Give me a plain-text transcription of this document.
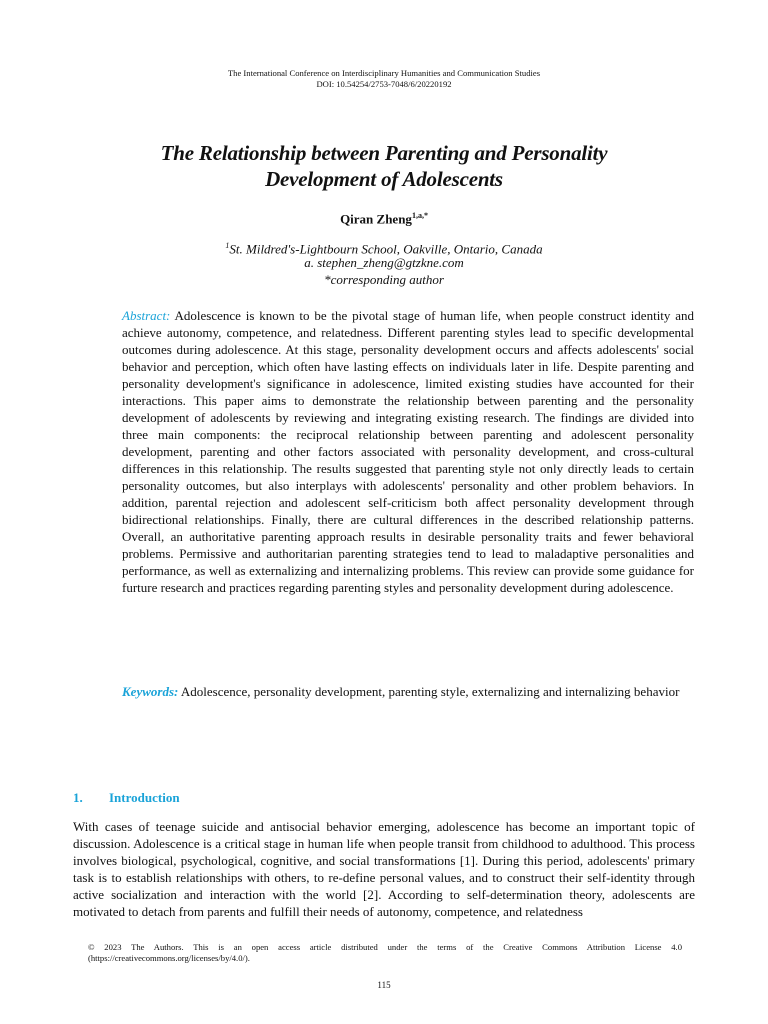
The International Conference on Interdisciplinary Humanities and Communication Studies
DOI: 10.54254/2753-7048/6/20220192
The Relationship between Parenting and Personality
Development of Adolescents
Qiran Zheng$^{1,a,*}$
$^1$St. Mildred's-Lightbourn School, Oakville, Ontario, Canada
a. stephen_zheng@gtzkne.com
*corresponding author
Abstract: Adolescence is known to be the pivotal stage of human life, when people construct identity and achieve autonomy, competence, and relatedness. Different parenting styles lead to specific developmental outcomes during adolescence. At this stage, personality development occurs and affects adolescents' social behavior and perception, which often have lasting effects on individuals later in life. Despite parenting and personality development's significance in adolescence, limited existing studies have accounted for their interactions. This paper aims to demonstrate the relationship between parenting and the personality development of adolescents by reviewing and integrating existing research. The findings are divided into three main components: the reciprocal relationship between parenting and adolescent personality development, parenting and other factors associated with personality development, and cross-cultural differences in this relationship. The results suggested that parenting style not only directly leads to certain personality outcomes, but also interplays with adolescents' personality and other problem behaviors. In addition, parental rejection and adolescent self-criticism both affect personality development through bidirectional relationships. Finally, there are cultural differences in the described relationship patterns. Overall, an authoritative parenting approach results in desirable personality traits and fewer behavioral problems. Permissive and authoritarian parenting strategies tend to lead to maladaptive personalities and performance, as well as externalizing and internalizing problems. This review can provide some guidance for furture research and practices regarding parenting styles and personality development during adolescence.
Keywords: Adolescence, personality development, parenting style, externalizing and internalizing behavior
1. Introduction
With cases of teenage suicide and antisocial behavior emerging, adolescence has become an important topic of discussion. Adolescence is a critical stage in human life when people transit from childhood to adulthood. This process involves biological, psychological, cognitive, and social transformations [1]. During this period, adolescents' primary task is to establish relationships with others, to re-define personal values, and to construct their self-identity through active socialization and interaction with the world [2]. According to self-determination theory, adolescents are motivated to detach from parents and fulfill their needs of autonomy, competence, and relatedness
© 2023 The Authors. This is an open access article distributed under the terms of the Creative Commons Attribution License 4.0 (https://creativecommons.org/licenses/by/4.0/).
115
